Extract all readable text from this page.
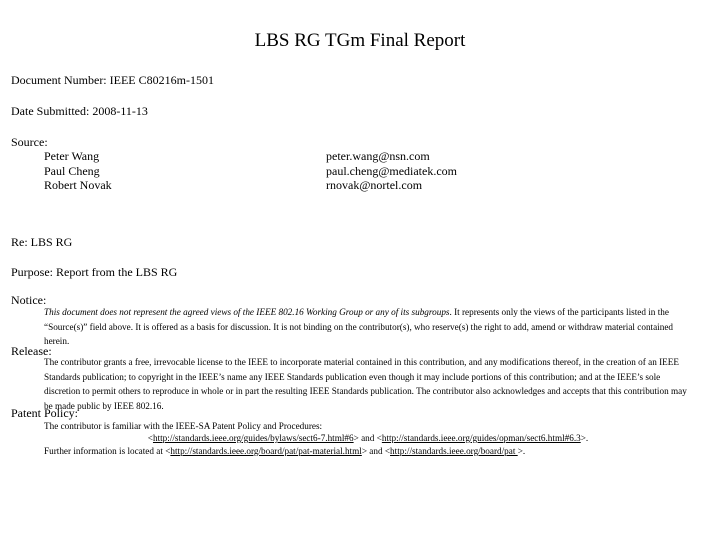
LBS RG TGm Final Report
Document Number: IEEE C80216m-1501
Date Submitted: 2008-11-13
Source:
Peter Wang	peter.wang@nsn.com
Paul Cheng	paul.cheng@mediatek.com
Robert Novak	rnovak@nortel.com
Re: LBS RG
Purpose: Report from the LBS RG
Notice:
This document does not represent the agreed views of the IEEE 802.16 Working Group or any of its subgroups. It represents only the views of the participants listed in the “Source(s)” field above. It is offered as a basis for discussion. It is not binding on the contributor(s), who reserve(s) the right to add, amend or withdraw material contained herein.
Release:
The contributor grants a free, irrevocable license to the IEEE to incorporate material contained in this contribution, and any modifications thereof, in the creation of an IEEE Standards publication; to copyright in the IEEE’s name any IEEE Standards publication even though it may include portions of this contribution; and at the IEEE’s sole discretion to permit others to reproduce in whole or in part the resulting IEEE Standards publication. The contributor also acknowledges and accepts that this contribution may be made public by IEEE 802.16.
Patent Policy:
The contributor is familiar with the IEEE-SA Patent Policy and Procedures:
<http://standards.ieee.org/guides/bylaws/sect6-7.html#6> and <http://standards.ieee.org/guides/opman/sect6.html#6.3>.
Further information is located at <http://standards.ieee.org/board/pat/pat-material.html> and <http://standards.ieee.org/board/pat >.
